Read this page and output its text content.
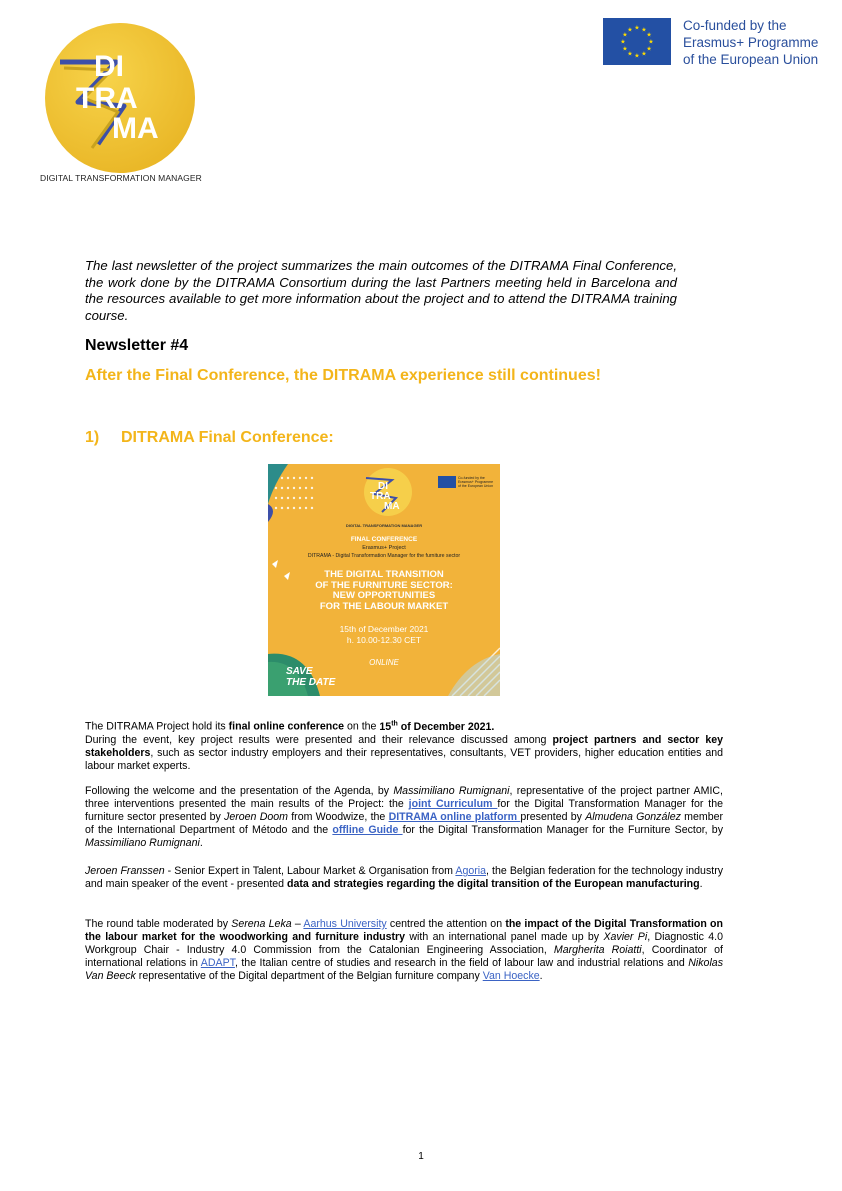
DI
TRA
MA
DIGITAL TRANSFORMATION MANAGER
★
★
★
★
★
★
★
★
★ ★ ★
★
Co-funded by the
Erasmus+ Programme
of the European Union
The last newsletter of the project summarizes the main outcomes of the DITRAMA Final Conference, the work done by the DITRAMA Consortium during the last Partners meeting held in Barcelona and the resources available to get more information about the project and to attend the DITRAMA training course.
Newsletter #4
After the Final Conference, the DITRAMA experience still continues!
1) DITRAMA Final Conference:
DI
TRA
MA
Co-funded by the
Erasmus+ Programme
of the European Union
DIGITAL TRANSFORMATION MANAGER
FINAL CONFERENCE
Erasmus+ Project
DITRAMA - Digital Transformation Manager for the furniture sector
THE DIGITAL TRANSITION
OF THE FURNITURE SECTOR:
NEW OPPORTUNITIES
FOR THE LABOUR MARKET
15th of December 2021
h. 10.00-12.30 CET
ONLINE
SAVE
THE DATE

The DITRAMA Project hold its final online conference on the 15th of December 2021.

During the event, key project results were presented and their relevance discussed among project partners and sector key stakeholders, such as sector industry employers and their representatives, consultants, VET providers, higher education entities and labour market experts.

Following the welcome and the presentation of the Agenda, by Massimiliano Rumignani, representative of the project partner AMIC, three interventions presented the main results of the Project: the joint Curriculum for the Digital Transformation Manager for the furniture sector presented by Jeroen Doom from Woodwize, the DITRAMA online platform presented by Almudena González member of the International Department of Método and the offline Guide for the Digital Transformation Manager for the Furniture Sector, by Massimiliano Rumignani.

Jeroen Franssen - Senior Expert in Talent, Labour Market & Organisation from Agoria, the Belgian federation for the technology industry and main speaker of the event - presented data and strategies regarding the digital transition of the European manufacturing.

The round table moderated by Serena Leka – Aarhus University centred the attention on the impact of the Digital Transformation on the labour market for the woodworking and furniture industry with an international panel made up by Xavier Pi, Diagnostic 4.0 Workgroup Chair - Industry 4.0 Commission from the Catalonian Engineering Association, Margherita Roiatti, Coordinator of international relations in ADAPT, the Italian centre of studies and research in the field of labour law and industrial relations and Nikolas Van Beeck representative of the Digital department of the Belgian furniture company Van Hoecke.

1
